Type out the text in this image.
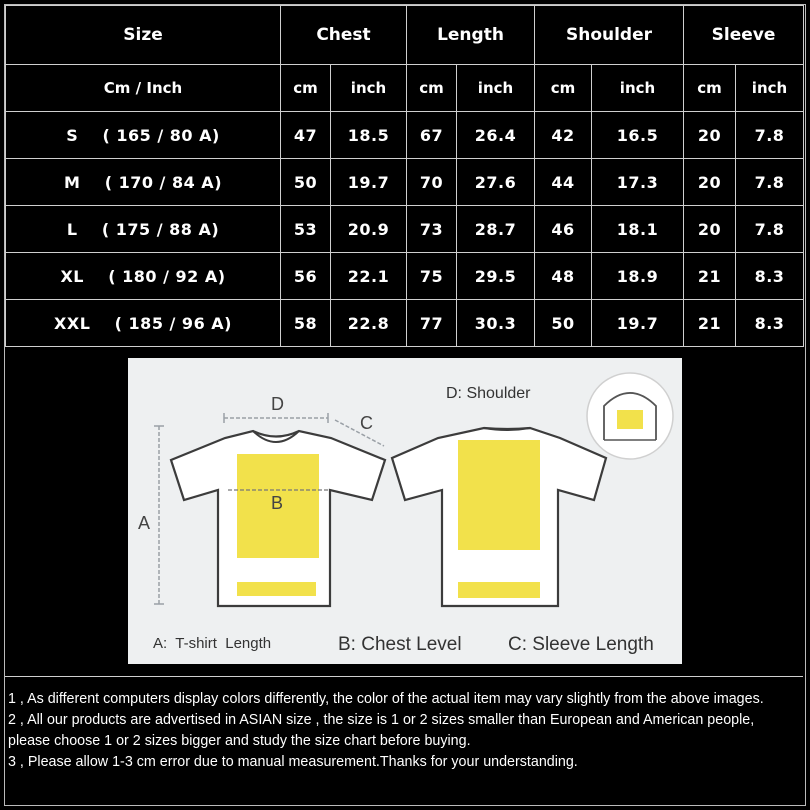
Size	Chest		Length		Shoulder		Sleeve	
Cm / Inch	cm	inch	cm	inch	cm	inch	cm	inch
S    ( 165 / 80 A)	47	18.5	67	26.4	42	16.5	20	7.8
M    ( 170 / 84 A)	50	19.7	70	27.6	44	17.3	20	7.8
L    ( 175 / 88 A)	53	20.9	73	28.7	46	18.1	20	7.8
XL    ( 180 / 92 A)	56	22.1	75	29.5	48	18.9	21	8.3
XXL    ( 185 / 96 A)	58	22.8	77	30.3	50	19.7	21	8.3
A
D
C
B
D: Shoulder
A:  T-shirt  Length	B: Chest Level C: Sleeve Length

1 , As different computers display colors differently, the color of the actual item may vary slightly from the above images.

2 , All our products are advertised in ASIAN size , the size is 1 or 2 sizes smaller than European and American people,

please choose 1 or 2 sizes bigger and study the size chart before buying.

3 , Please allow 1-3 cm error due to manual measurement.Thanks for your understanding.
